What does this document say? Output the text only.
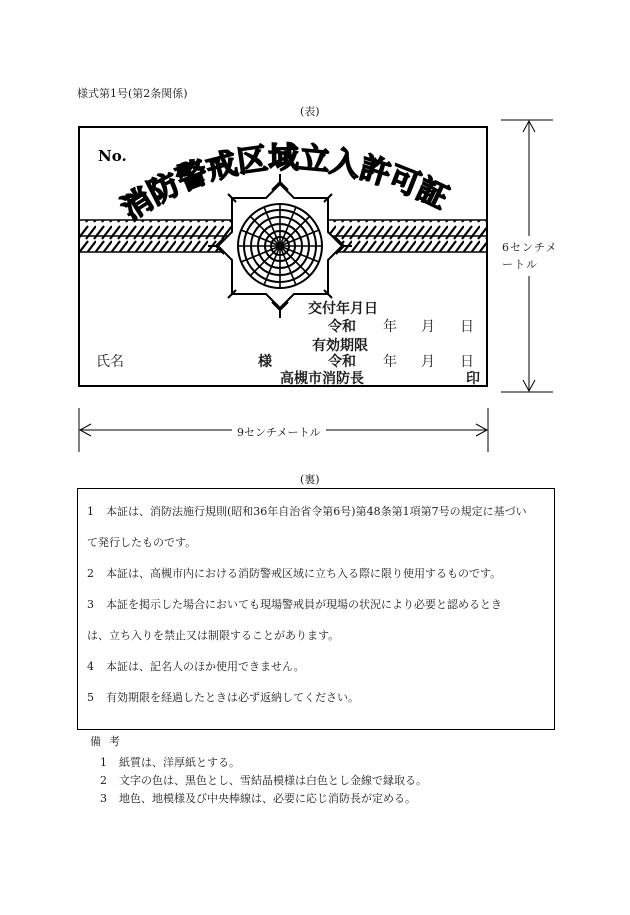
様式第1号(第2条関係)
(表)
No.
消防警戒区域立入許可証
交付年月日
令和 年 月 日
有効期限
氏名	様	令和 年 月 日
高槻市消防長	印
6センチメートル
9センチメートル
(裏)
1 本証は、消防法施行規則(昭和36年自治省令第6号)第48条第1項第7号の規定に基づい
て発行したものです。
2 本証は、高槻市内における消防警戒区域に立ち入る際に限り使用するものです。
3 本証を掲示した場合においても現場警戒員が現場の状況により必要と認めるとき
は、立ち入りを禁止又は制限することがあります。
4 本証は、記名人のほか使用できません。
5 有効期限を経過したときは必ず返納してください。
備考
1 紙質は、洋厚紙とする。
2 文字の色は、黒色とし、雪結晶模様は白色とし金線で縁取る。
3 地色、地模様及び中央棒線は、必要に応じ消防長が定める。
